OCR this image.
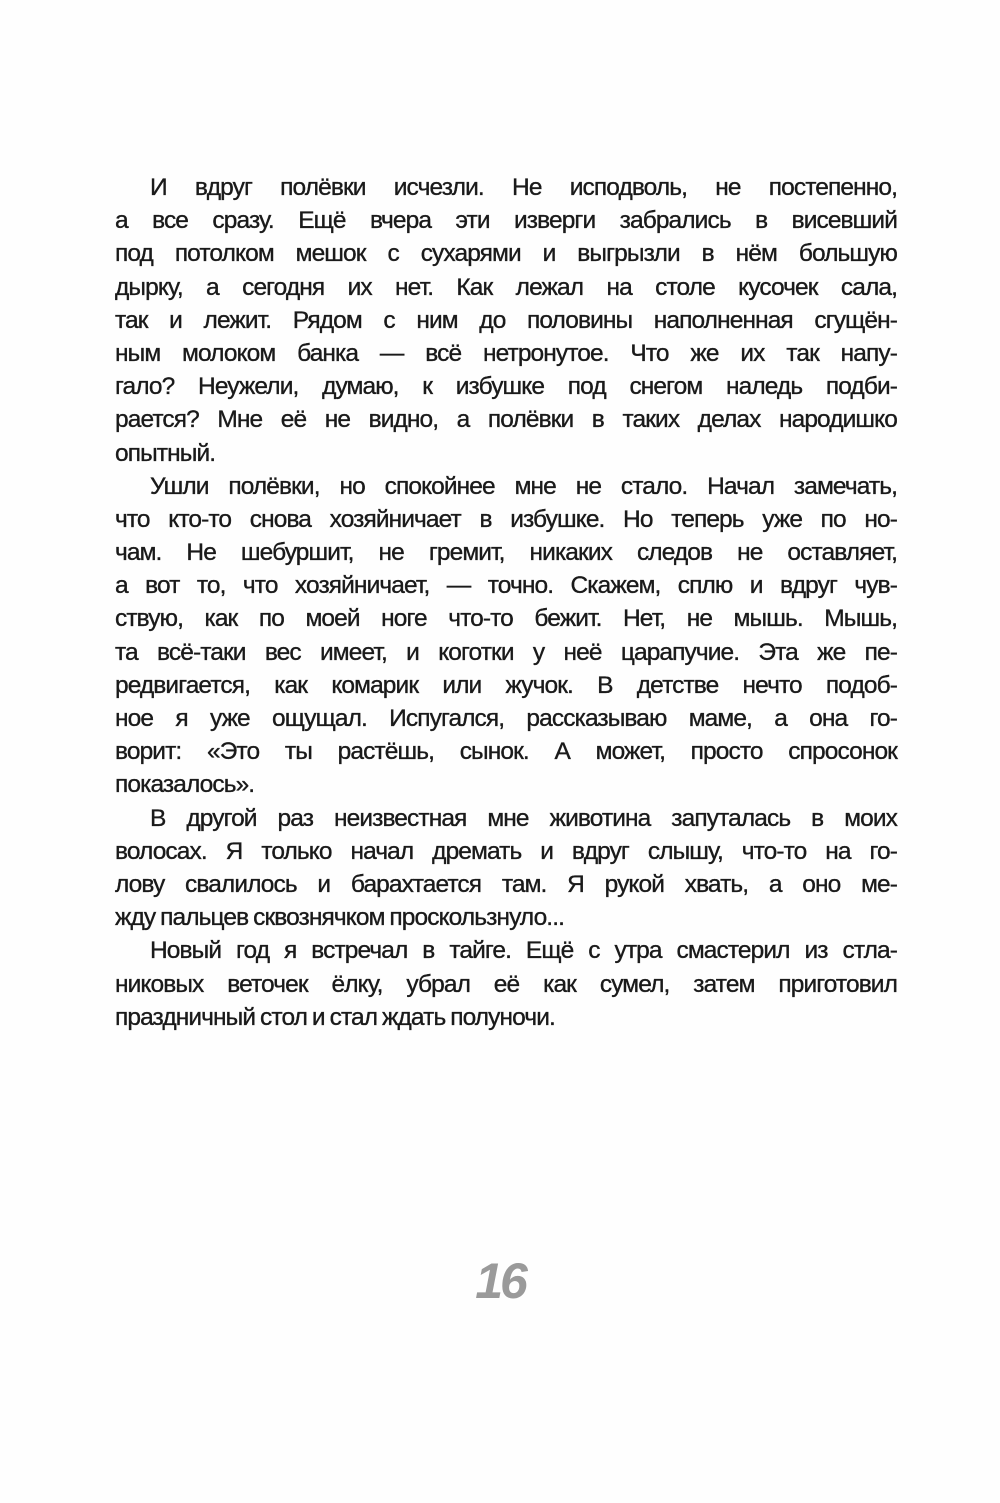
И вдруг полёвки исчезли. Не исподволь, не постепенно,
а все сразу. Ещё вчера эти изверги забрались в висевший
под потолком мешок с сухарями и выгрызли в нём большую
дырку, а сегодня их нет. Как лежал на столе кусочек сала,
так и лежит. Рядом с ним до половины наполненная сгущён-
ным молоком банка — всё нетронутое. Что же их так напу-
гало? Неужели, думаю, к избушке под снегом наледь подби-
рается? Мне её не видно, а полёвки в таких делах народишко
опытный.
Ушли полёвки, но спокойнее мне не стало. Начал замечать,
что кто-то снова хозяйничает в избушке. Но теперь уже по но-
чам. Не шебуршит, не гремит, никаких следов не оставляет,
а вот то, что хозяйничает, — точно. Скажем, сплю и вдруг чув-
ствую, как по моей ноге что-то бежит. Нет, не мышь. Мышь,
та всё-таки вес имеет, и коготки у неё царапучие. Эта же пе-
редвигается, как комарик или жучок. В детстве нечто подоб-
ное я уже ощущал. Испугался, рассказываю маме, а она го-
ворит: «Это ты растёшь, сынок. А может, просто спросонок
показалось».
В другой раз неизвестная мне животина запуталась в моих
волосах. Я только начал дремать и вдруг слышу, что-то на го-
лову свалилось и барахтается там. Я рукой хвать, а оно ме-
жду пальцев сквознячком проскользнуло...
Новый год я встречал в тайге. Ещё с утра смастерил из стла-
никовых веточек ёлку, убрал её как сумел, затем приготовил
праздничный стол и стал ждать полуночи.
16
